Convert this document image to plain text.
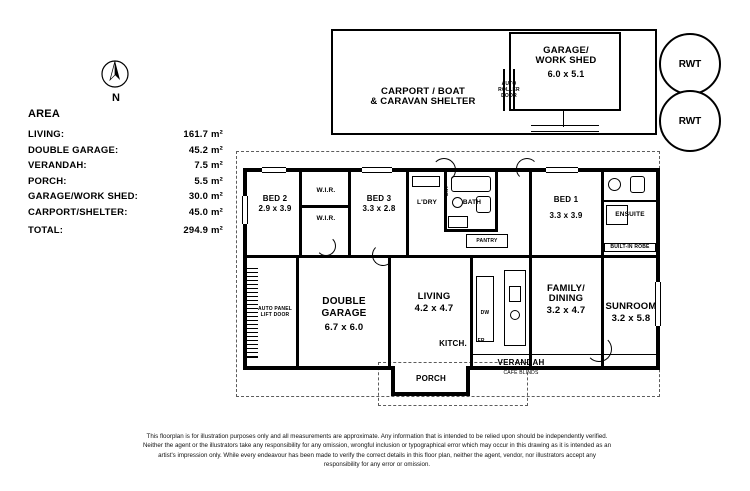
N
AREA
LIVING:	161.7 m²
DOUBLE GARAGE:	45.2 m²
VERANDAH:	7.5 m²
PORCH:	5.5 m²
GARAGE/WORK SHED:	30.0 m²
CARPORT/SHELTER:	45.0 m²
TOTAL:	294.9 m²
CARPORT / BOAT
& CARAVAN SHELTER
AUTO ROLLER DOOR
GARAGE/
WORK SHED
6.0 x 5.1
RWT
RWT
BED 2
2.9 x 3.9
W.I.R.
W.I.R.
BED 3
3.3 x 2.8
L'DRY	BATH	BED 1
3.3 x 3.9	ENSUITE
ENT
PANTRY
BUILT-IN ROBE
DOUBLE
GARAGE
6.7 x 6.0
AUTO PANEL LIFT DOOR
LIVING
4.2 x 4.7
FAMILY/
DINING
3.2 x 4.7	SUNROOM
3.2 x 5.8
KITCH.
DW
FR.
PORCH
VERANDAH
CAFE BLINDS
This floorplan is for illustration purposes only and all measurements are approximate. Any information that is intended to be relied upon should be independently verified. Neither the agent or the illustrators take any responsibility for any omission, wrongful inclusion or typographical error which may occur in this drawing as it is intended as an artist's impression only. While every endeavour has been made to verify the correct details in this floor plan, neither the agent, vendor, nor illustrators accept any responsibility for any error or omission.
